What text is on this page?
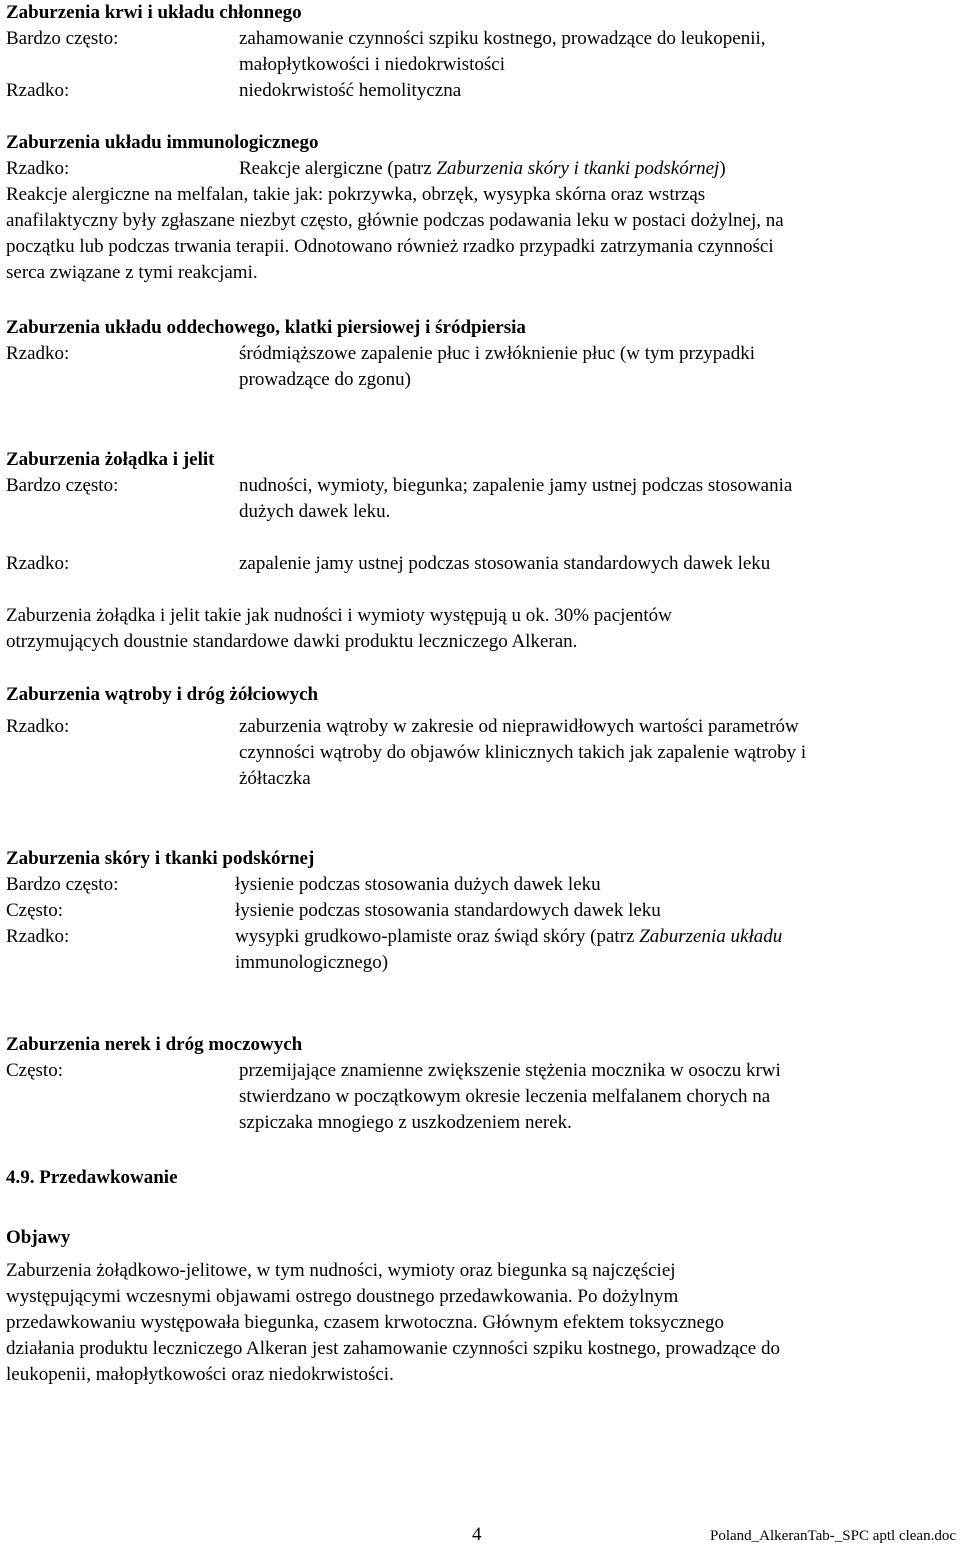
Zaburzenia krwi i układu chłonnego
Bardzo często:	zahamowanie czynności szpiku kostnego, prowadzące do leukopenii,
małopłytkowości i niedokrwistości
Rzadko:	niedokrwistość hemolityczna
Zaburzenia układu immunologicznego
Rzadko:	Reakcje alergiczne (patrz Zaburzenia skóry i tkanki podskórnej)
Reakcje alergiczne na melfalan, takie jak: pokrzywka, obrzęk, wysypka skórna oraz wstrząs
anafilaktyczny były zgłaszane niezbyt często, głównie podczas podawania leku w postaci dożylnej, na
początku lub podczas trwania terapii. Odnotowano również rzadko przypadki zatrzymania czynności
serca związane z tymi reakcjami.
Zaburzenia układu oddechowego, klatki piersiowej i śródpiersia
Rzadko:	śródmiąższowe zapalenie płuc i zwłóknienie płuc (w tym przypadki
prowadzące do zgonu)
Zaburzenia żołądka i jelit
Bardzo często:	nudności, wymioty, biegunka; zapalenie jamy ustnej podczas stosowania
dużych dawek leku.
Rzadko:	zapalenie jamy ustnej podczas stosowania standardowych dawek leku
Zaburzenia żołądka i jelit takie jak nudności i wymioty występują u ok. 30% pacjentów
otrzymujących doustnie standardowe dawki produktu leczniczego Alkeran.
Zaburzenia wątroby i dróg żółciowych
Rzadko:	zaburzenia wątroby w zakresie od nieprawidłowych wartości parametrów
czynności wątroby do objawów klinicznych takich jak zapalenie wątroby i
żółtaczka
Zaburzenia skóry i tkanki podskórnej
Bardzo często:	łysienie podczas stosowania dużych dawek leku
Często:	łysienie podczas stosowania standardowych dawek leku
Rzadko:	wysypki grudkowo-plamiste oraz świąd skóry (patrz Zaburzenia układu
immunologicznego)
Zaburzenia nerek i dróg moczowych
Często:	przemijające znamienne zwiększenie stężenia mocznika w osoczu krwi
stwierdzano w początkowym okresie leczenia melfalanem chorych na
szpiczaka mnogiego z uszkodzeniem nerek.
4.9. Przedawkowanie
Objawy
Zaburzenia żołądkowo-jelitowe, w tym nudności, wymioty oraz biegunka są najczęściej
występującymi wczesnymi objawami ostrego doustnego przedawkowania. Po dożylnym
przedawkowaniu występowała biegunka, czasem krwotoczna. Głównym efektem toksycznego
działania produktu leczniczego Alkeran jest zahamowanie czynności szpiku kostnego, prowadzące do
leukopenii, małopłytkowości oraz niedokrwistości.
4	Poland_AlkeranTab-_SPC aptl clean.doc
